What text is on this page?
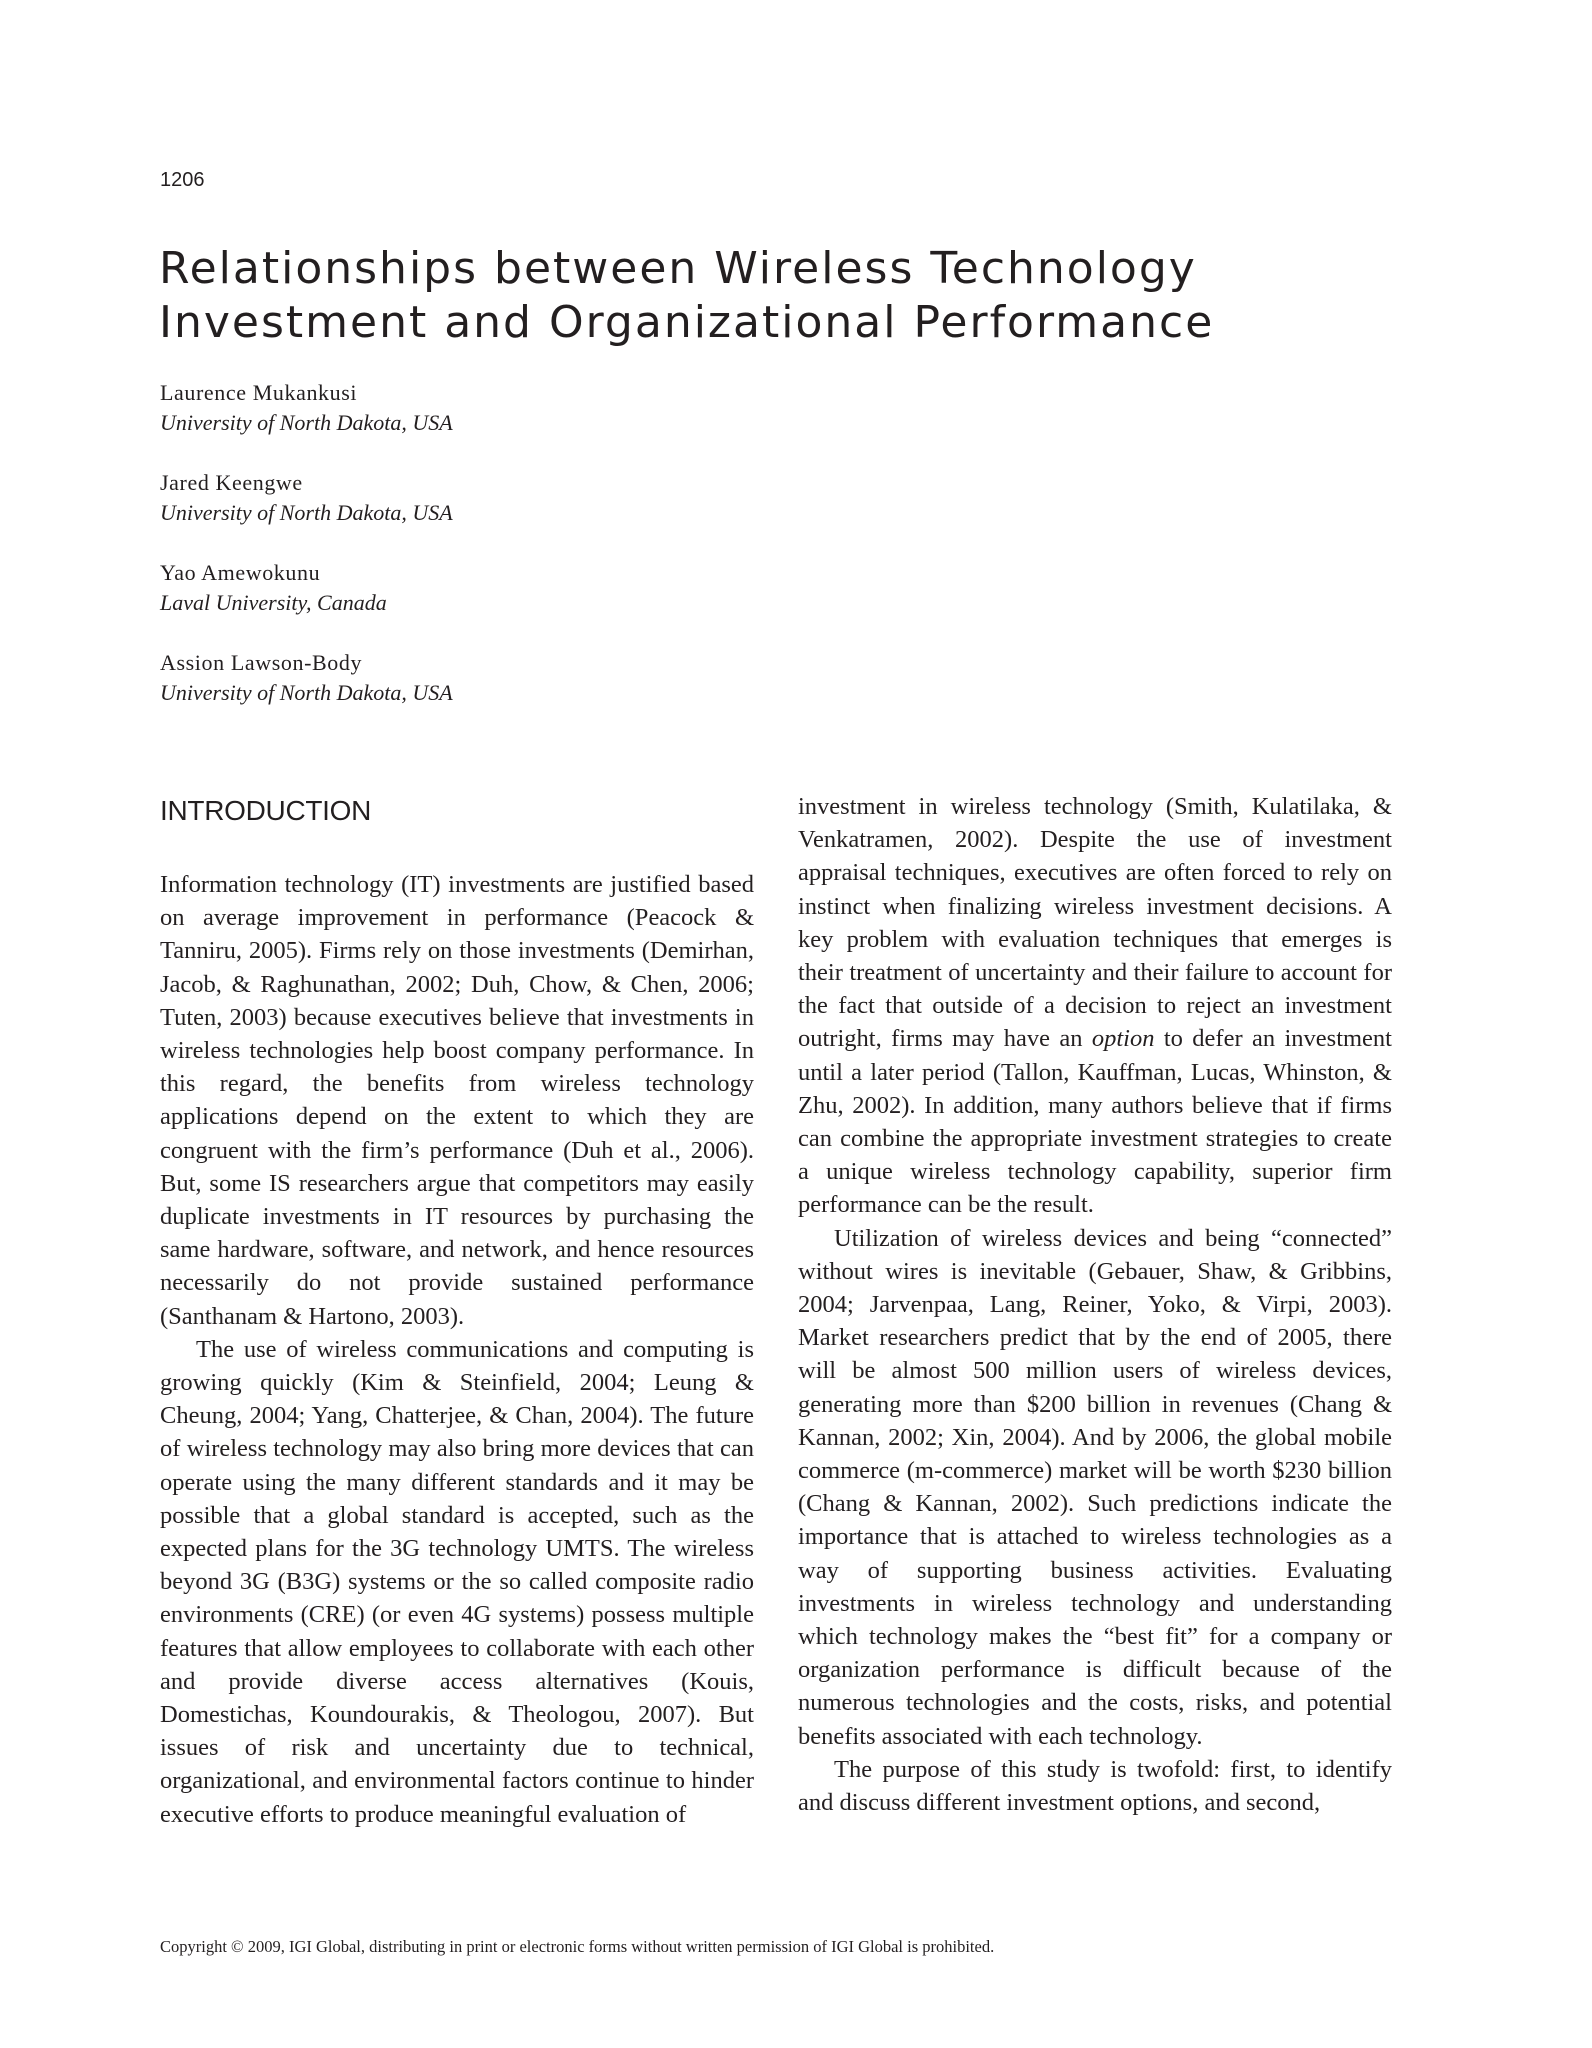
1206
Relationships between Wireless Technology Investment and Organizational Performance
Laurence Mukankusi
University of North Dakota, USA
Jared Keengwe
University of North Dakota, USA
Yao Amewokunu
Laval University, Canada
Assion Lawson-Body
University of North Dakota, USA
INTRODUCTION

Information technology (IT) investments are justified based on average improvement in performance (Peacock & Tanniru, 2005). Firms rely on those investments (Demirhan, Jacob, & Raghunathan, 2002; Duh, Chow, & Chen, 2006; Tuten, 2003) because executives believe that investments in wireless technologies help boost company performance. In this regard, the benefits from wireless technology applications depend on the extent to which they are congruent with the firm’s performance (Duh et al., 2006). But, some IS researchers argue that competitors may easily duplicate investments in IT resources by purchasing the same hardware, software, and network, and hence resources necessarily do not provide sustained performance (Santhanam & Hartono, 2003).

The use of wireless communications and computing is growing quickly (Kim & Steinfield, 2004; Leung & Cheung, 2004; Yang, Chatterjee, & Chan, 2004). The future of wireless technology may also bring more devices that can operate using the many different standards and it may be possible that a global standard is accepted, such as the expected plans for the 3G technology UMTS. The wireless beyond 3G (B3G) systems or the so called composite radio environments (CRE) (or even 4G systems) possess multiple features that allow employees to collaborate with each other and provide diverse access alternatives (Kouis, Domestichas, Koundourakis, & Theologou, 2007). But issues of risk and uncertainty due to technical, organizational, and environmental factors continue to hinder executive efforts to produce meaningful evaluation of

investment in wireless technology (Smith, Kulatilaka, & Venkatramen, 2002). Despite the use of investment appraisal techniques, executives are often forced to rely on instinct when finalizing wireless investment decisions. A key problem with evaluation techniques that emerges is their treatment of uncertainty and their failure to account for the fact that outside of a decision to reject an investment outright, firms may have an option to defer an investment until a later period (Tallon, Kauffman, Lucas, Whinston, & Zhu, 2002). In addition, many authors believe that if firms can combine the appropriate investment strategies to create a unique wireless technology capability, superior firm performance can be the result.

Utilization of wireless devices and being “connected” without wires is inevitable (Gebauer, Shaw, & Gribbins, 2004; Jarvenpaa, Lang, Reiner, Yoko, & Virpi, 2003). Market researchers predict that by the end of 2005, there will be almost 500 million users of wireless devices, generating more than $200 billion in revenues (Chang & Kannan, 2002; Xin, 2004). And by 2006, the global mobile commerce (m-commerce) market will be worth $230 billion (Chang & Kannan, 2002). Such predictions indicate the importance that is attached to wireless technologies as a way of supporting business activities. Evaluating investments in wireless technology and understanding which technology makes the “best fit” for a company or organization performance is difficult because of the numerous technologies and the costs, risks, and potential benefits associated with each technology.

The purpose of this study is twofold: first, to identify and discuss different investment options, and second,

Copyright © 2009, IGI Global, distributing in print or electronic forms without written permission of IGI Global is prohibited.
